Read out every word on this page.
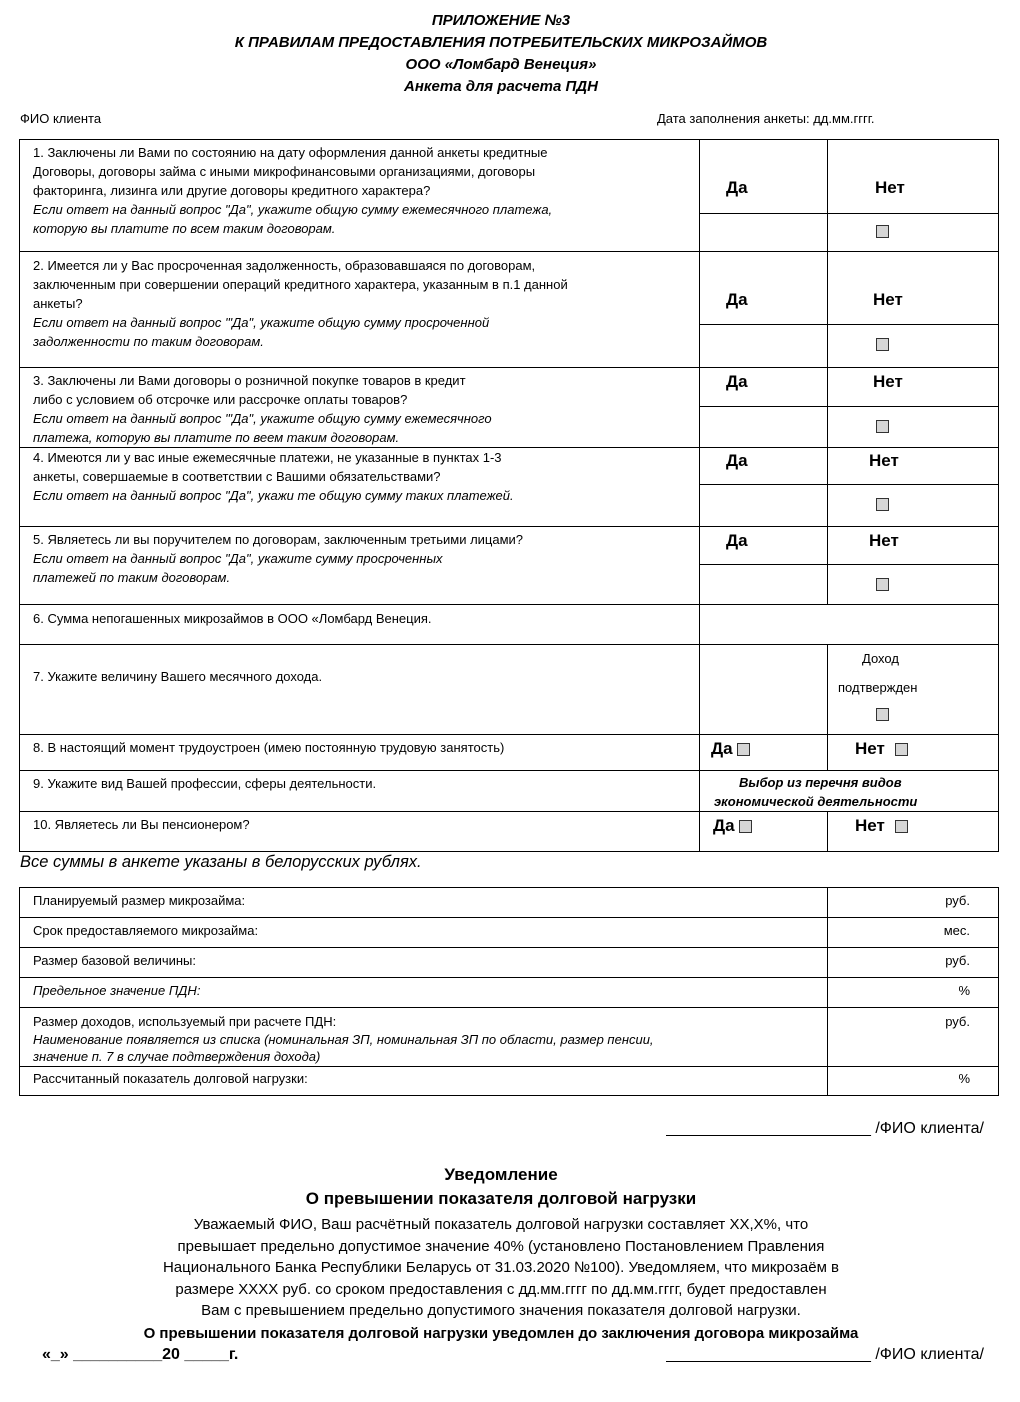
ПРИЛОЖЕНИЕ №3
К ПРАВИЛАМ ПРЕДОСТАВЛЕНИЯ ПОТРЕБИТЕЛЬСКИХ МИКРОЗАЙМОВ
ООО «Ломбард Венеция»
Анкета для расчета ПДН
ФИО клиента	Дата заполнения анкеты: дд.мм.гггг.
1. Заключены ли Вами по состоянию на дату оформления данной анкеты кредитные
Договоры, договоры займа с иными микрофинансовыми организациями, договоры
факторинга, лизинга или другие договоры кредитного характера?
Если ответ на данный вопрос "Да", укажите общую сумму ежемесячного платежа,
которую вы платите по всем таким договорам.	Да	Нет

2. Имеется ли у Вас просроченная задолженность, образовавшаяся по договорам,
заключенным при совершении операций кредитного характера, указанным в п.1 данной
анкеты?
Если ответ на данный вопрос '"Да", укажите общую сумму просроченной
задолженности по таким договорам.	Да	Нет

3. Заключены ли Вами договоры о розничной покупке товаров в кредит
либо с условием об отсрочке или рассрочке оплаты товаров?
Если ответ на данный вопрос '"Да", укажите общую сумму ежемесячного
платежа, которую вы платите по веем таким договорам.	Да	Нет

4. Имеются ли у вас иные ежемесячные платежи, не указанные в пунктах 1-3
анкеты, совершаемые в соответствии с Вашими обязательствами?
Если ответ на данный вопрос "Да", укажи те общую сумму таких платежей.	Да	Нет

5. Являетесь ли вы поручителем по договорам, заключенным третьими лицами?
Если ответ на данный вопрос "Да", укажите сумму просроченных
платежей по таким договорам.	Да	Нет

6. Сумма непогашенных микрозаймов в ООО «Ломбард Венеция.		

7. Укажите величину Вашего месячного дохода.		Доход
подтвержден

8. В настоящий момент трудоустроен (имею постоянную трудовую занятость)	Да	Нет

9. Укажите вид Вашей профессии, сферы деятельности.	Выбор из перечня видов
экономической деятельности	

10. Являетесь ли Вы пенсионером?	Да	Нет
Все суммы в анкете указаны в белорусских рублях.
Планируемый размер микрозайма:	руб.

Срок предоставляемого микрозайма:	мес.

Размер базовой величины:	руб.

Предельное значение ПДН:	%

Размер доходов, используемый при расчете ПДН:
Наименование появляется из списка (номинальная ЗП, номинальная ЗП по области, размер пенсии,
значение п. 7 в случае подтверждения дохода)	руб.

Рассчитанный показатель долговой нагрузки:	%
_______________________ /ФИО клиента/
Уведомление
О превышении показателя долговой нагрузки
Уважаемый ФИО, Ваш расчётный показатель долговой нагрузки составляет ХХ,Х%, что
превышает предельно допустимое значение 40% (установлено Постановлением Правления
Национального Банка Республики Беларусь от 31.03.2020 №100). Уведомляем, что микрозаём в
размере ХХХХ руб. со сроком предоставления с дд.мм.гггг по дд.мм.гггг, будет предоставлен
Вам с превышением предельно допустимого значения показателя долговой нагрузки.
О превышении показателя долговой нагрузки уведомлен до заключения договора микрозайма
«_» __________20 _____г.	_______________________ /ФИО клиента/
